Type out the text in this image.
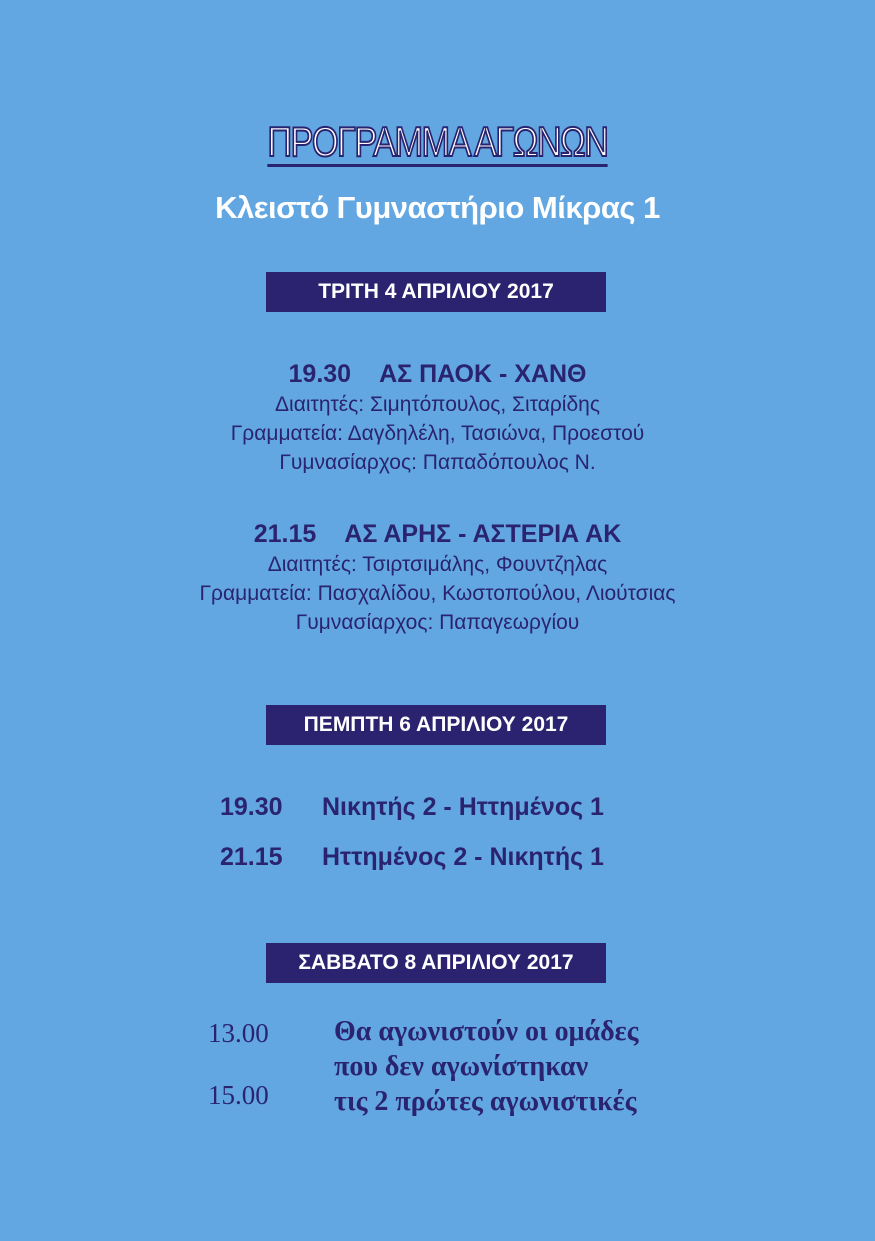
ΠΡΟΓΡΑΜΜΑ ΑΓΩΝΩΝ
Κλειστό Γυμναστήριο Μίκρας 1
ΤΡΙΤΗ 4 ΑΠΡΙΛΙΟΥ 2017
19.30 ΑΣ ΠΑΟΚ - ΧΑΝΘ
Διαιτητές: Σιμητόπουλος, Σιταρίδης
Γραμματεία: Δαγδηλέλη, Τασιώνα, Προεστού
Γυμνασίαρχος: Παπαδόπουλος Ν.
21.15 ΑΣ ΑΡΗΣ - ΑΣΤΕΡΙΑ ΑΚ
Διαιτητές: Τσιρτσιμάλης, Φουντζηλας
Γραμματεία: Πασχαλίδου, Κωστοπούλου, Λιούτσιας
Γυμνασίαρχος: Παπαγεωργίου
ΠΕΜΠΤΗ 6 ΑΠΡΙΛΙΟΥ 2017
19.30 Νικητής 2 - Ηττημένος 1
21.15 Ηττημένος 2 - Νικητής 1
ΣΑΒΒΑΤΟ 8 ΑΠΡΙΛΙΟΥ 2017
13.00
15.00
Θα αγωνιστούν οι ομάδες
που δεν αγωνίστηκαν
τις 2 πρώτες αγωνιστικές
